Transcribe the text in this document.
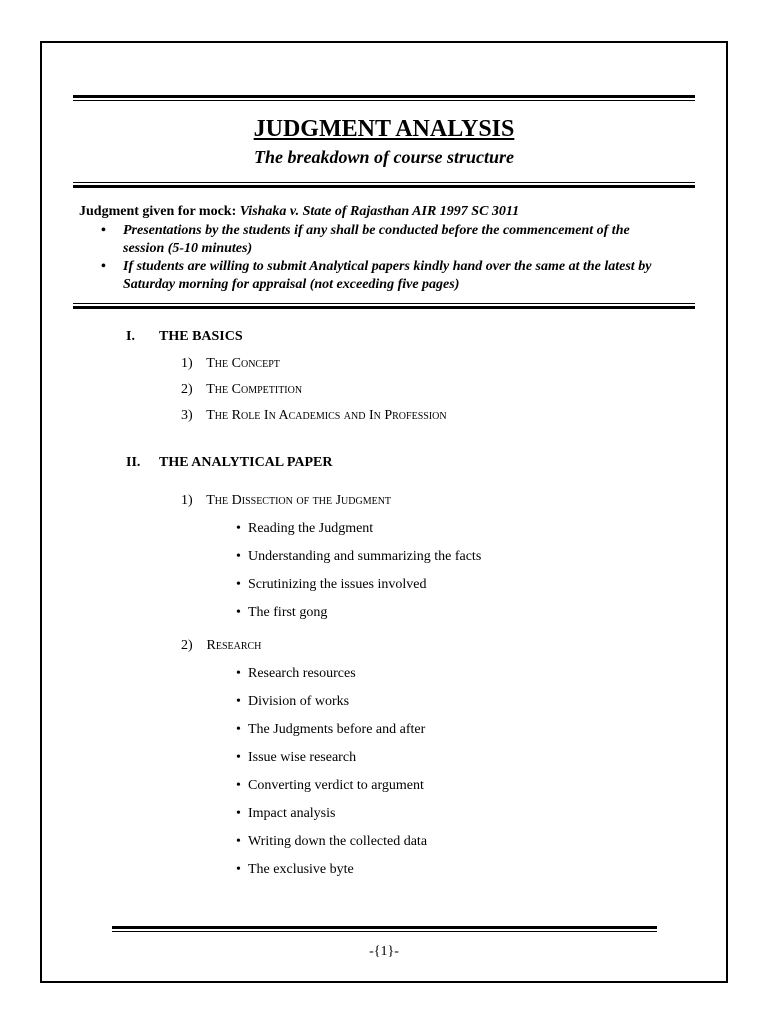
JUDGMENT ANALYSIS
The breakdown of course structure
Judgment given for mock: Vishaka v. State of Rajasthan AIR 1997 SC 3011
• Presentations by the students if any shall be conducted before the commencement of the
session (5-10 minutes)
• If students are willing to submit Analytical papers kindly hand over the same at the latest by
Saturday morning for appraisal (not exceeding five pages)
I. THE BASICS
1) The Concept
2) The Competition
3) The Role In Academics and In Profession
II. THE ANALYTICAL PAPER
1) The Dissection of the Judgment
• Reading the Judgment
• Understanding and summarizing the facts
• Scrutinizing the issues involved
• The first gong
2) Research
• Research resources
• Division of works
• The Judgments before and after
• Issue wise research
• Converting verdict to argument
• Impact analysis
• Writing down the collected data
• The exclusive byte
-{1}-
